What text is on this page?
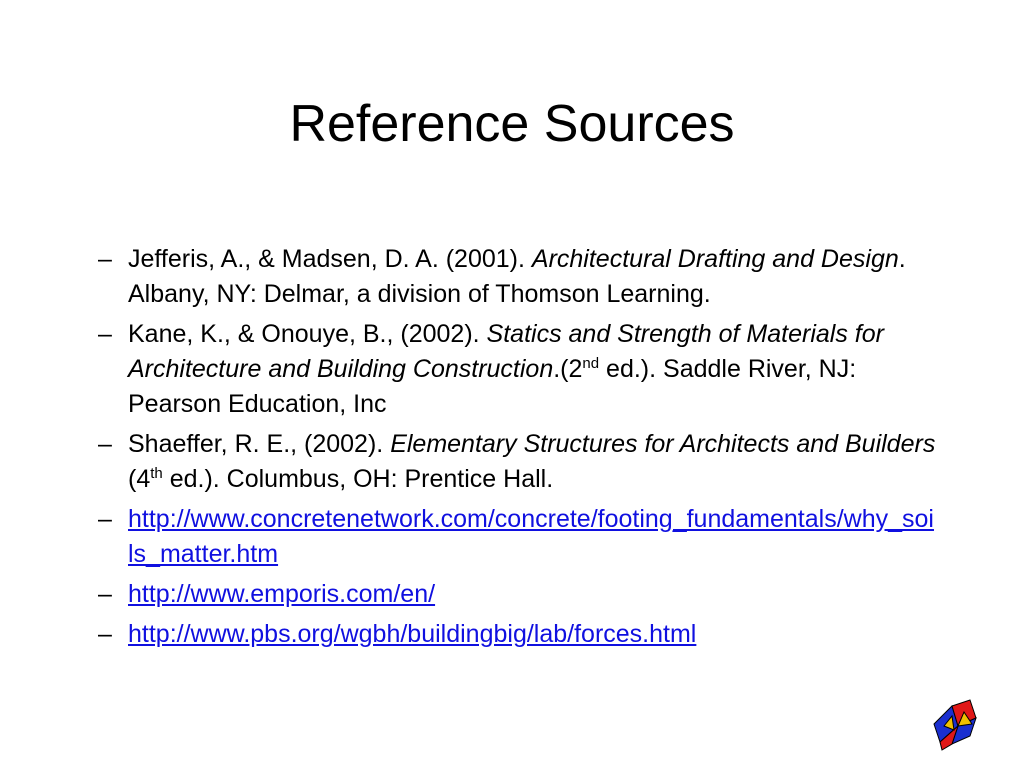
Reference Sources
– Jefferis, A., & Madsen, D. A. (2001). Architectural Drafting and Design. Albany, NY: Delmar, a division of Thomson Learning.
– Kane, K., & Onouye, B., (2002). Statics and Strength of Materials for Architecture and Building Construction.(2nd ed.). Saddle River, NJ: Pearson Education, Inc
– Shaeffer, R. E., (2002). Elementary Structures for Architects and Builders (4th ed.). Columbus, OH: Prentice Hall.
– http://www.concretenetwork.com/concrete/footing_fundamentals/why_soils_matter.htm
– http://www.emporis.com/en/
– http://www.pbs.org/wgbh/buildingbig/lab/forces.html
